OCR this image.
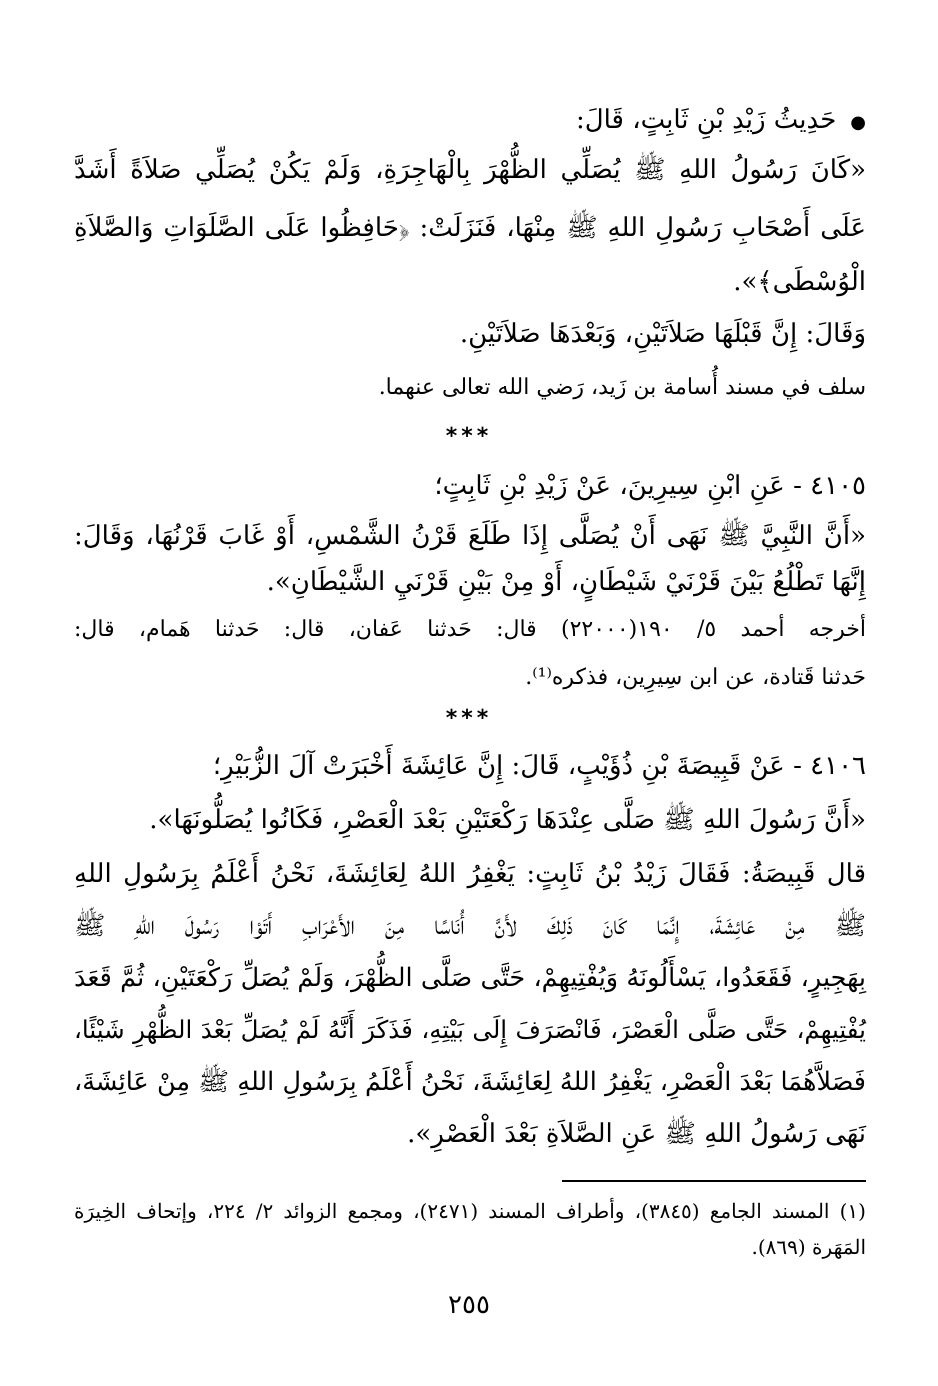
●حَدِيثُ زَيْدِ بْنِ ثَابِتٍ، قَالَ:

«كَانَ رَسُولُ اللهِ ﷺ يُصَلِّي الظُّهْرَ بِالْهَاجِرَةِ، وَلَمْ يَكُنْ يُصَلِّي صَلاَةً أَشَدَّ

عَلَى أَصْحَابِ رَسُولِ اللهِ ﷺ مِنْهَا، فَنَزَلَتْ: ﴿حَافِظُوا عَلَى الصَّلَوَاتِ وَالصَّلاَةِ

الْوُسْطَى﴾».

وَقَالَ: إِنَّ قَبْلَهَا صَلاَتَيْنِ، وَبَعْدَهَا صَلاَتَيْنِ.

سلف في مسند أُسامة بن زَيد، رَضي الله تعالى عنهما.

***

٤١٠٥ - عَنِ ابْنِ سِيرِينَ، عَنْ زَيْدِ بْنِ ثَابِتٍ؛

«أَنَّ النَّبِيَّ ﷺ نَهَى أَنْ يُصَلَّى إِذَا طَلَعَ قَرْنُ الشَّمْسِ، أَوْ غَابَ قَرْنُهَا، وَقَالَ:

إِنَّهَا تَطْلُعُ بَيْنَ قَرْنَيْ شَيْطَانٍ، أَوْ مِنْ بَيْنِ قَرْنَيِ الشَّيْطَانِ».

أخرجه أحمد ٥/ ١٩٠(٢٢٠٠٠) قال: حَدثنا عَفان، قال: حَدثنا هَمام، قال:

حَدثنا قَتادة، عن ابن سِيرِين، فذكره⁽¹⁾.

***

٤١٠٦ - عَنْ قَبِيصَةَ بْنِ ذُؤَيْبٍ، قَالَ: إِنَّ عَائِشَةَ أَخْبَرَتْ آلَ الزُّبَيْرِ؛

«أَنَّ رَسُولَ اللهِ ﷺ صَلَّى عِنْدَهَا رَكْعَتَيْنِ بَعْدَ الْعَصْرِ، فَكَانُوا يُصَلُّونَهَا».

قال قَبِيصَةُ: فَقَالَ زَيْدُ بْنُ ثَابِتٍ: يَغْفِرُ اللهُ لِعَائِشَةَ، نَحْنُ أَعْلَمُ بِرَسُولِ اللهِ

ﷺ مِنْ عَائِشَةَ، إِنَّمَا كَانَ ذَلِكَ لأَنَّ أُنَاسًا مِنَ الأَعْرَابِ أَتَوْا رَسُولَ اللهِ ﷺ

بِهَجِيرٍ، فَقَعَدُوا، يَسْأَلُونَهُ وَيُفْتِيهِمْ، حَتَّى صَلَّى الظُّهْرَ، وَلَمْ يُصَلِّ رَكْعَتَيْنِ، ثُمَّ قَعَدَ

يُفْتِيهِمْ، حَتَّى صَلَّى الْعَصْرَ، فَانْصَرَفَ إِلَى بَيْتِهِ، فَذَكَرَ أَنَّهُ لَمْ يُصَلِّ بَعْدَ الظُّهْرِ شَيْئًا،

فَصَلاَّهُمَا بَعْدَ الْعَصْرِ، يَغْفِرُ اللهُ لِعَائِشَةَ، نَحْنُ أَعْلَمُ بِرَسُولِ اللهِ ﷺ مِنْ عَائِشَةَ،

نَهَى رَسُولُ اللهِ ﷺ عَنِ الصَّلاَةِ بَعْدَ الْعَصْرِ».

(١) المسند الجامع (٣٨٤٥)، وأطراف المسند (٢٤٧١)، ومجمع الزوائد ٢/ ٢٢٤، وإتحاف الخِيرَة

المَهَرة (٨٦٩).

٢٥٥
